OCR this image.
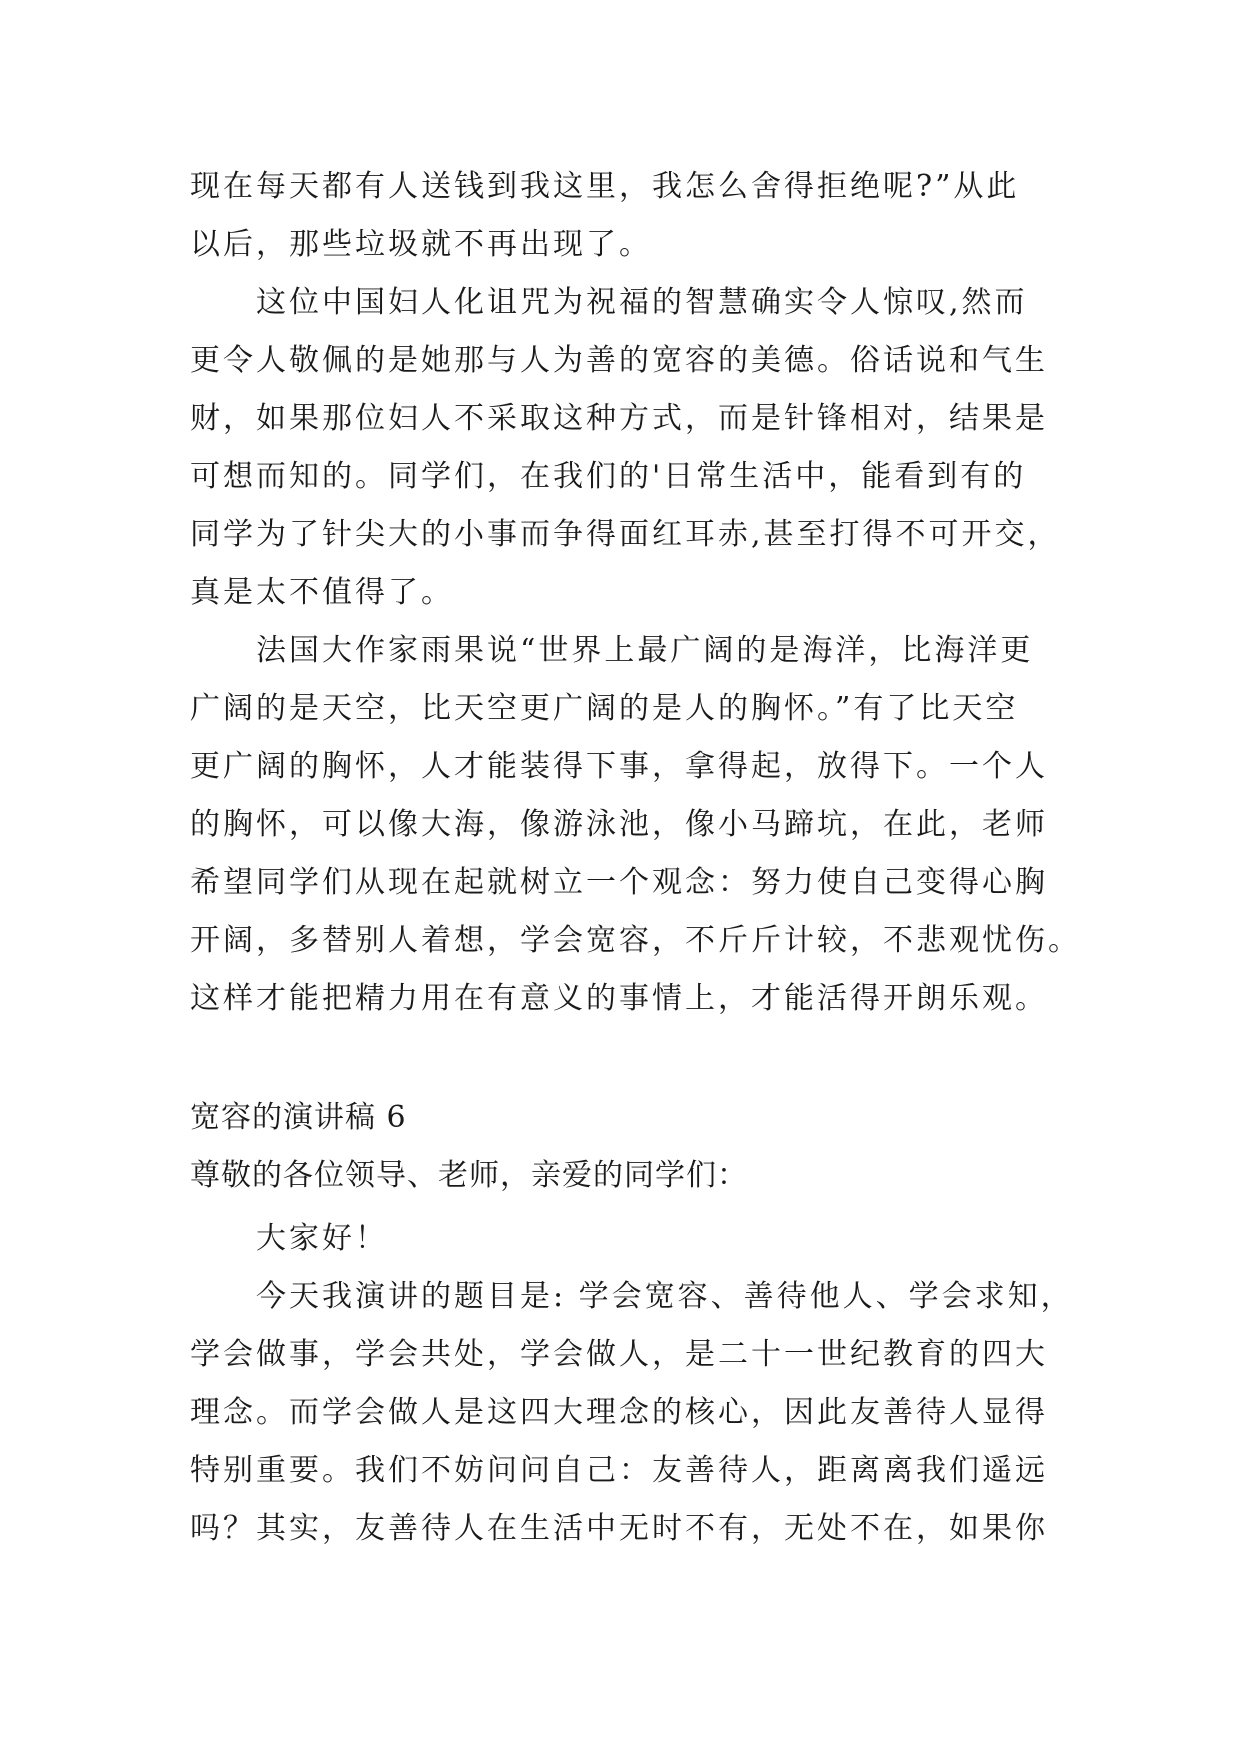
现在每天都有人送钱到我这里，我怎么舍得拒绝呢?”从此
以后，那些垃圾就不再出现了。
这位中国妇人化诅咒为祝福的智慧确实令人惊叹,然而
更令人敬佩的是她那与人为善的宽容的美德。俗话说和气生
财，如果那位妇人不采取这种方式，而是针锋相对，结果是
可想而知的。同学们，在我们的'日常生活中，能看到有的
同学为了针尖大的小事而争得面红耳赤,甚至打得不可开交，
真是太不值得了。
法国大作家雨果说“世界上最广阔的是海洋，比海洋更
广阔的是天空，比天空更广阔的是人的胸怀。”有了比天空
更广阔的胸怀，人才能装得下事，拿得起，放得下。一个人
的胸怀，可以像大海，像游泳池，像小马蹄坑，在此，老师
希望同学们从现在起就树立一个观念：努力使自己变得心胸
开阔，多替别人着想，学会宽容，不斤斤计较，不悲观忧伤。
这样才能把精力用在有意义的事情上，才能活得开朗乐观。
宽容的演讲稿 6
尊敬的各位领导、老师，亲爱的同学们：
大家好！
今天我演讲的题目是: 学会宽容、善待他人、学会求知，
学会做事，学会共处，学会做人，是二十一世纪教育的四大
理念。而学会做人是这四大理念的核心，因此友善待人显得
特别重要。我们不妨问问自己：友善待人，距离离我们遥远
吗？其实，友善待人在生活中无时不有，无处不在，如果你
